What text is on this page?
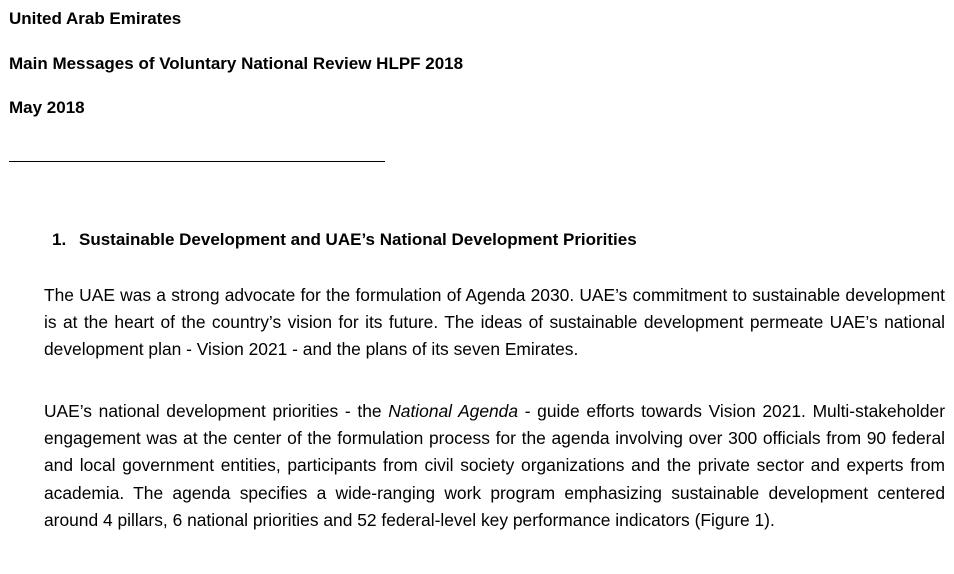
United Arab Emirates
Main Messages of Voluntary National Review HLPF 2018
May 2018
1. Sustainable Development and UAE’s National Development Priorities

The UAE was a strong advocate for the formulation of Agenda 2030. UAE’s commitment to sustainable development is at the heart of the country’s vision for its future. The ideas of sustainable development permeate UAE’s national development plan - Vision 2021 - and the plans of its seven Emirates.

UAE’s national development priorities - the National Agenda - guide efforts towards Vision 2021. Multi-stakeholder engagement was at the center of the formulation process for the agenda involving over 300 officials from 90 federal and local government entities, participants from civil society organizations and the private sector and experts from academia. The agenda specifies a wide-ranging work program emphasizing sustainable development centered around 4 pillars, 6 national priorities and 52 federal-level key performance indicators (Figure 1).
